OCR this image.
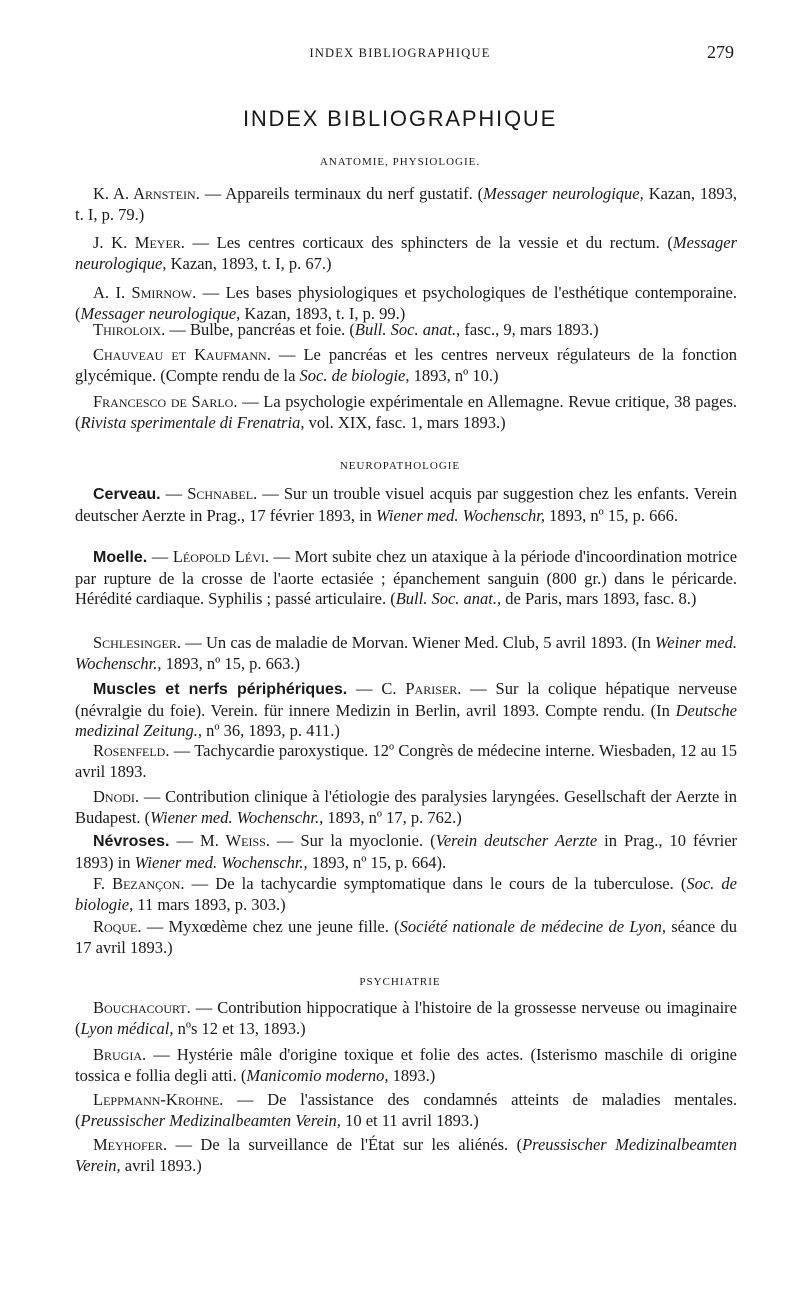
INDEX BIBLIOGRAPHIQUE	279
INDEX BIBLIOGRAPHIQUE
ANATOMIE, PHYSIOLOGIE.

K. A. Arnstein. — Appareils terminaux du nerf gustatif. (Messager neurologique, Kazan, 1893, t. I, p. 79.)

J. K. Meyer. — Les centres corticaux des sphincters de la vessie et du rectum. (Messager neurologique, Kazan, 1893, t. I, p. 67.)

A. I. Smirnow. — Les bases physiologiques et psychologiques de l'esthétique contemporaine. (Messager neurologique, Kazan, 1893, t. I, p. 99.)

Thiroloix. — Bulbe, pancréas et foie. (Bull. Soc. anat., fasc., 9, mars 1893.)

Chauveau et Kaufmann. — Le pancréas et les centres nerveux régulateurs de la fonction glycémique. (Compte rendu de la Soc. de biologie, 1893, nº 10.)

Francesco de Sarlo. — La psychologie expérimentale en Allemagne. Revue critique, 38 pages. (Rivista sperimentale di Frenatria, vol. XIX, fasc. 1, mars 1893.)

NEUROPATHOLOGIE

Cerveau. — Schnabel. — Sur un trouble visuel acquis par suggestion chez les enfants. Verein deutscher Aerzte in Prag., 17 février 1893, in Wiener med. Wochenschr, 1893, nº 15, p. 666.

Moelle. — Léopold Lévi. — Mort subite chez un ataxique à la période d'incoordination motrice par rupture de la crosse de l'aorte ectasiée ; épanchement sanguin (800 gr.) dans le péricarde. Hérédité cardiaque. Syphilis ; passé articulaire. (Bull. Soc. anat., de Paris, mars 1893, fasc. 8.)

Schlesinger. — Un cas de maladie de Morvan. Wiener Med. Club, 5 avril 1893. (In Weiner med. Wochenschr., 1893, nº 15, p. 663.)

Muscles et nerfs périphériques. — C. Pariser. — Sur la colique hépatique nerveuse (névralgie du foie). Verein. für innere Medizin in Berlin, avril 1893. Compte rendu. (In Deutsche medizinal Zeitung., nº 36, 1893, p. 411.)

Rosenfeld. — Tachycardie paroxystique. 12º Congrès de médecine interne. Wiesbaden, 12 au 15 avril 1893.

Dnodi. — Contribution clinique à l'étiologie des paralysies laryngées. Gesellschaft der Aerzte in Budapest. (Wiener med. Wochenschr., 1893, nº 17, p. 762.)

Névroses. — M. Weiss. — Sur la myoclonie. (Verein deutscher Aerzte in Prag., 10 février 1893) in Wiener med. Wochenschr., 1893, nº 15, p. 664).

F. Bezançon. — De la tachycardie symptomatique dans le cours de la tuberculose. (Soc. de biologie, 11 mars 1893, p. 303.)

Roque. — Myxœdème chez une jeune fille. (Société nationale de médecine de Lyon, séance du 17 avril 1893.)

PSYCHIATRIE

Bouchacourt. — Contribution hippocratique à l'histoire de la grossesse nerveuse ou imaginaire (Lyon médical, nºs 12 et 13, 1893.)

Brugia. — Hystérie mâle d'origine toxique et folie des actes. (Isterismo maschile di origine tossica e follia degli atti. (Manicomio moderno, 1893.)

Leppmann-Krohne. — De l'assistance des condamnés atteints de maladies mentales. (Preussischer Medizinalbeamten Verein, 10 et 11 avril 1893.)

Meyhofer. — De la surveillance de l'État sur les aliénés. (Preussischer Medizinalbeamten Verein, avril 1893.)
